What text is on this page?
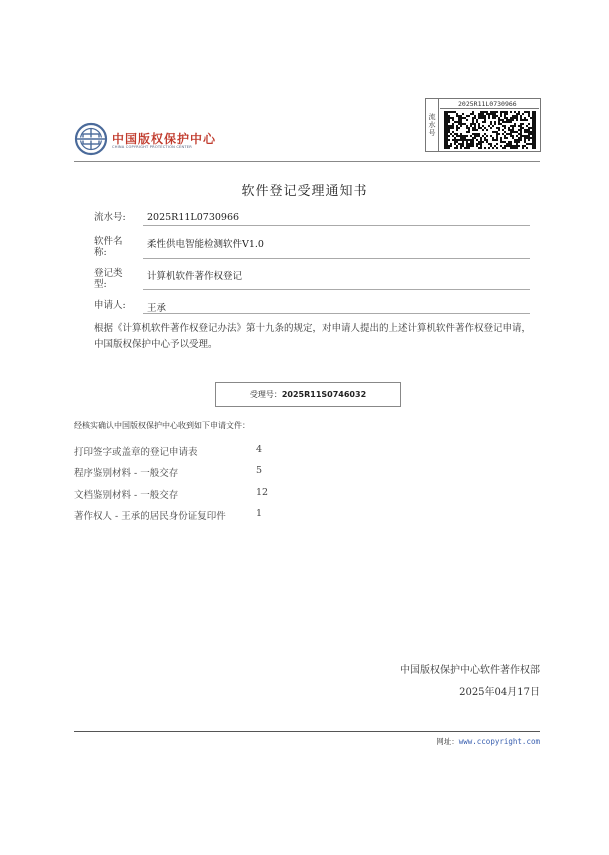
中国版权保护中心
CHINA COPYRIGHT PROTECTION CENTER
流
水
号
2025R11L0730966
软件登记受理通知书
流水号: 2025R11L0730966
软件名
称:
柔性供电智能检测软件V1.0
登记类
型:
计算机软件著作权登记
申请人: 王承
根据《计算机软件著作权登记办法》第十九条的规定，对申请人提出的上述计算机软件著作权登记申请，中国版权保护中心予以受理。
受理号： 2025R11S0746032
经核实确认中国版权保护中心收到如下申请文件：
打印签字或盖章的登记申请表	4
程序鉴别材料 - 一般交存	5
文档鉴别材料 - 一般交存	12
著作权人 - 王承的居民身份证复印件	1
中国版权保护中心软件著作权部
2025年04月17日
网址：www.ccopyright.com
